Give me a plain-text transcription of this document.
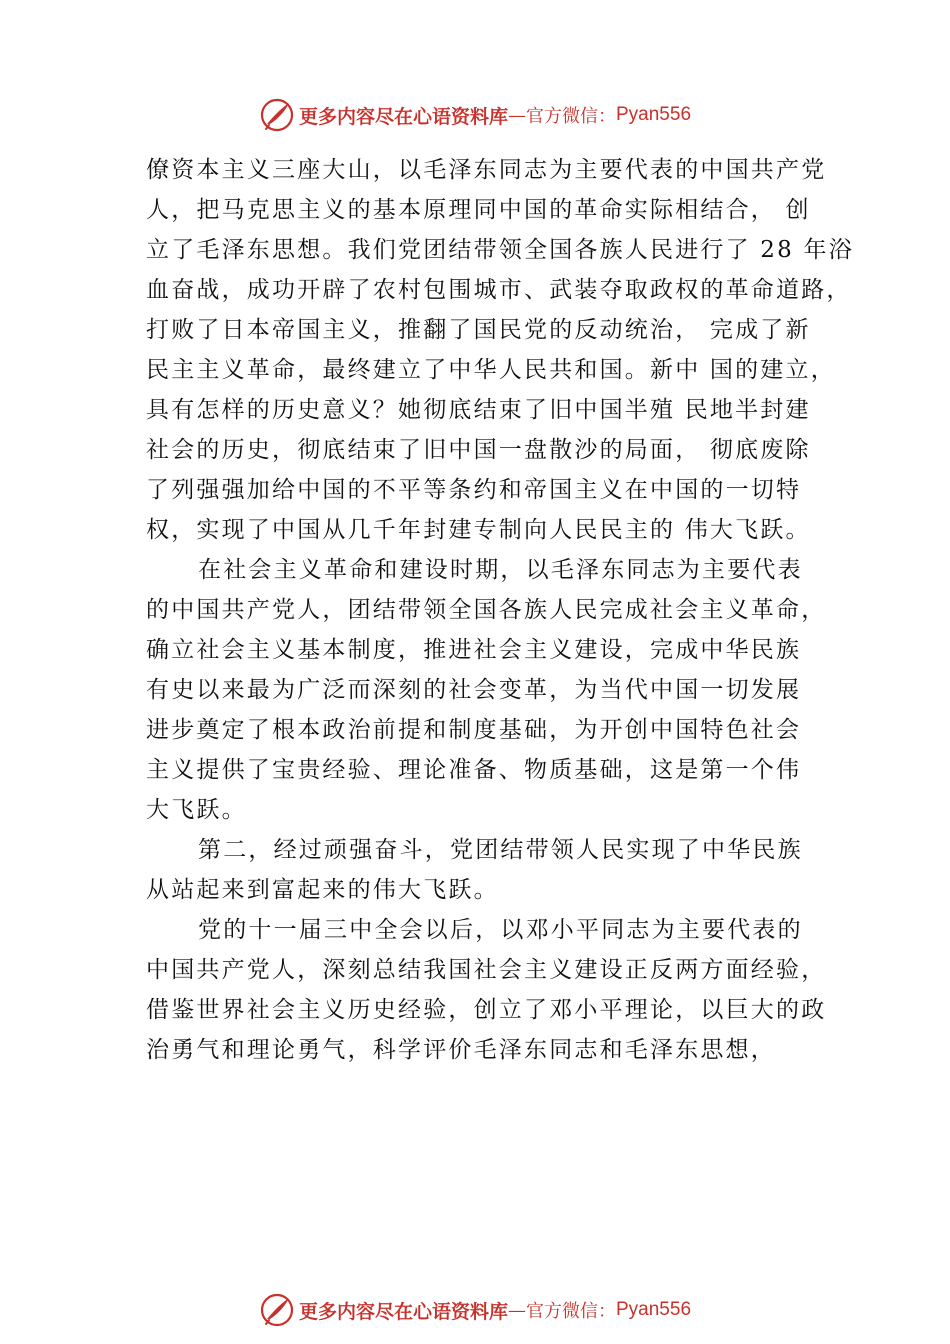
更多内容尽在心语资料库 — 官方微信： Pyan556
僚资本主义三座大山，以毛泽东同志为主要代表的中国共产党
人，把马克思主义的基本原理同中国的革命实际相结合， 创
立了毛泽东思想。我们党团结带领全国各族人民进行了 28 年浴
血奋战，成功开辟了农村包围城市、武装夺取政权的革命道路，
打败了日本帝国主义，推翻了国民党的反动统治， 完成了新
民主主义革命，最终建立了中华人民共和国。新中 国的建立，
具有怎样的历史意义？她彻底结束了旧中国半殖 民地半封建
社会的历史，彻底结束了旧中国一盘散沙的局面， 彻底废除
了列强强加给中国的不平等条约和帝国主义在中国的一切特
权，实现了中国从几千年封建专制向人民民主的 伟大飞跃。
在社会主义革命和建设时期，以毛泽东同志为主要代表
的中国共产党人，团结带领全国各族人民完成社会主义革命，
确立社会主义基本制度，推进社会主义建设，完成中华民族
有史以来最为广泛而深刻的社会变革，为当代中国一切发展
进步奠定了根本政治前提和制度基础，为开创中国特色社会
主义提供了宝贵经验、理论准备、物质基础，这是第一个伟
大飞跃。
第二，经过顽强奋斗，党团结带领人民实现了中华民族
从站起来到富起来的伟大飞跃。
党的十一届三中全会以后，以邓小平同志为主要代表的
中国共产党人，深刻总结我国社会主义建设正反两方面经验，
借鉴世界社会主义历史经验，创立了邓小平理论，以巨大的政
治勇气和理论勇气，科学评价毛泽东同志和毛泽东思想，
更多内容尽在心语资料库 — 官方微信： Pyan556
